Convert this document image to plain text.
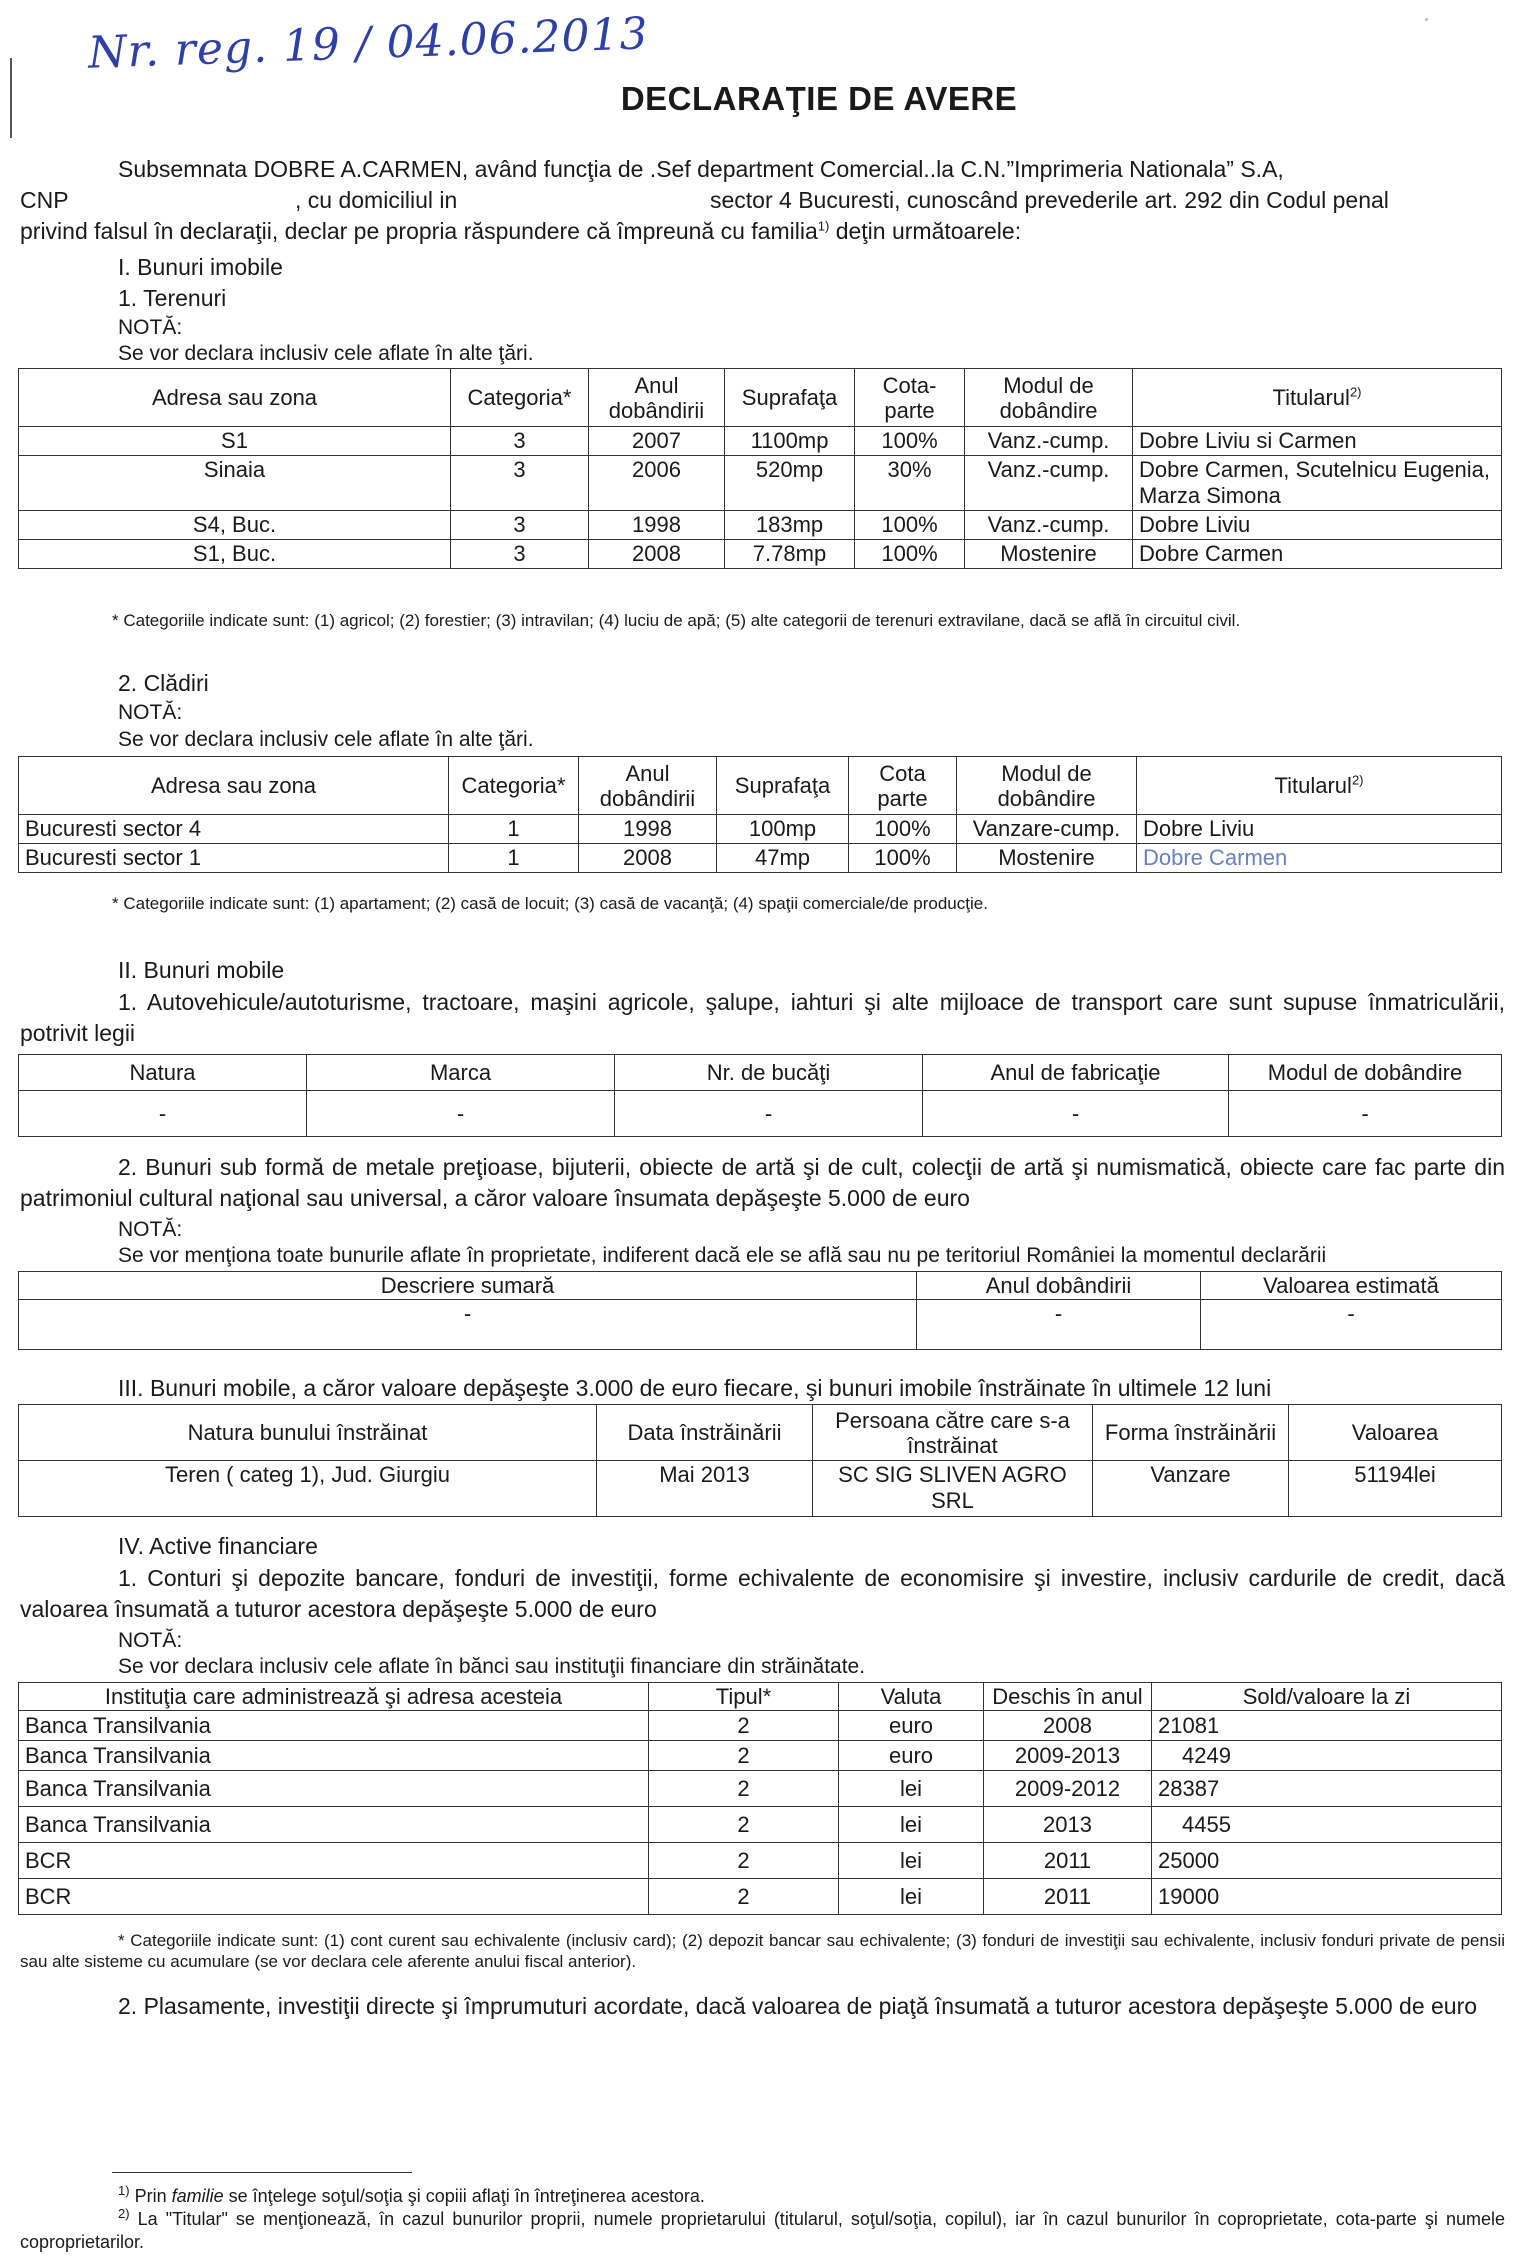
Nr. reg. 19 / 04.06.2013
DECLARAŢIE DE AVERE
Subsemnata DOBRE A.CARMEN, având funcţia de .Sef department Comercial..la C.N.”Imprimeria Nationala” S.A,
CNP	, cu domiciliul in	sector 4 Bucuresti, cunoscând prevederile art. 292 din Codul penal
privind falsul în declaraţii, declar pe propria răspundere că împreună cu familia$^{1)}$ deţin următoarele:
I. Bunuri imobile
1. Terenuri
NOTĂ:
Se vor declara inclusiv cele aflate în alte ţări.
Adresa sau zona	Categoria*	Anul dobândirii	Suprafaţa	Cota-parte	Modul de dobândire	Titularul$^{2)}$
S1	3	2007	1100mp	100%	Vanz.-cump.	Dobre Liviu si Carmen
Sinaia	3	2006	520mp	30%	Vanz.-cump.	Dobre Carmen, Scutelnicu Eugenia, Marza Simona
S4, Buc.	3	1998	183mp	100%	Vanz.-cump.	Dobre Liviu
S1, Buc.	3	2008	7.78mp	100%	Mostenire	Dobre Carmen
* Categoriile indicate sunt: (1) agricol; (2) forestier; (3) intravilan; (4) luciu de apă; (5) alte categorii de terenuri extravilane, dacă se află în circuitul civil.
2. Clădiri
NOTĂ:
Se vor declara inclusiv cele aflate în alte ţări.
Adresa sau zona	Categoria*	Anul dobândirii	Suprafaţa	Cota parte	Modul de dobândire	Titularul$^{2)}$
Bucuresti sector 4	1	1998	100mp	100%	Vanzare-cump.	Dobre Liviu
Bucuresti sector 1	1	2008	47mp	100%	Mostenire	Dobre Carmen
* Categoriile indicate sunt: (1) apartament; (2) casă de locuit; (3) casă de vacanţă; (4) spaţii comerciale/de producţie.
II. Bunuri mobile
1. Autovehicule/autoturisme, tractoare, maşini agricole, şalupe, iahturi şi alte mijloace de transport care sunt supuse înmatriculării, potrivit legii
Natura	Marca	Nr. de bucăţi	Anul de fabricaţie	Modul de dobândire
-	-	-	-	-
2. Bunuri sub formă de metale preţioase, bijuterii, obiecte de artă şi de cult, colecţii de artă şi numismatică, obiecte care fac parte din patrimoniul cultural naţional sau universal, a căror valoare însumata depăşeşte 5.000 de euro
NOTĂ:
Se vor menţiona toate bunurile aflate în proprietate, indiferent dacă ele se află sau nu pe teritoriul României la momentul declarării
Descriere sumară	Anul dobândirii	Valoarea estimată
-	-	-
III. Bunuri mobile, a căror valoare depăşeşte 3.000 de euro fiecare, şi bunuri imobile înstrăinate în ultimele 12 luni
Natura bunului înstrăinat	Data înstrăinării	Persoana către care s-a înstrăinat	Forma înstrăinării	Valoarea
Teren ( categ 1), Jud. Giurgiu	Mai 2013	SC SIG SLIVEN AGRO SRL	Vanzare	51194lei
IV. Active financiare
1. Conturi şi depozite bancare, fonduri de investiţii, forme echivalente de economisire şi investire, inclusiv cardurile de credit, dacă valoarea însumată a tuturor acestora depăşeşte 5.000 de euro
NOTĂ:
Se vor declara inclusiv cele aflate în bănci sau instituţii financiare din străinătate.
Instituţia care administrează şi adresa acesteia	Tipul*	Valuta	Deschis în anul	Sold/valoare la zi
Banca Transilvania	2	euro	2008	21081
Banca Transilvania	2	euro	2009-2013	4249
Banca Transilvania	2	lei	2009-2012	28387
Banca Transilvania	2	lei	2013	4455
BCR	2	lei	2011	25000
BCR	2	lei	2011	19000
* Categoriile indicate sunt: (1) cont curent sau echivalente (inclusiv card); (2) depozit bancar sau echivalente; (3) fonduri de investiţii sau echivalente, inclusiv fonduri private de pensii sau alte sisteme cu acumulare (se vor declara cele aferente anului fiscal anterior).
2. Plasamente, investiţii directe şi împrumuturi acordate, dacă valoarea de piaţă însumată a tuturor acestora depăşeşte 5.000 de euro
$^{1)}$ Prin familie se înţelege soţul/soţia şi copiii aflaţi în întreţinerea acestora.
$^{2)}$ La "Titular" se menţionează, în cazul bunurilor proprii, numele proprietarului (titularul, soţul/soţia, copilul), iar în cazul bunurilor în coproprietate, cota-parte şi numele coproprietarilor.
